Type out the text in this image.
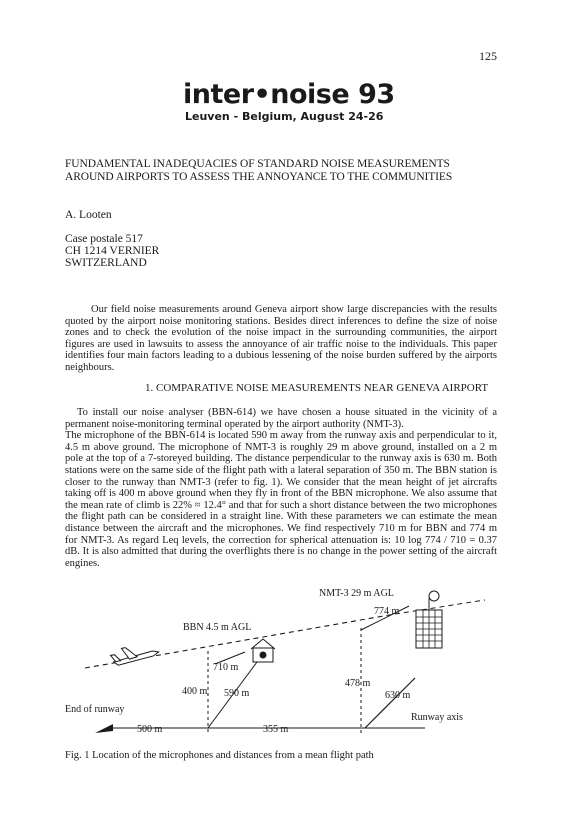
125
inter•noise 93
Leuven - Belgium, August 24-26
FUNDAMENTAL INADEQUACIES OF STANDARD NOISE MEASUREMENTS
AROUND AIRPORTS TO ASSESS THE ANNOYANCE TO THE COMMUNITIES
A. Looten
Case postale 517
CH 1214 VERNIER
SWITZERLAND
Our field noise measurements around Geneva airport show large discrepancies with the results quoted by the airport noise monitoring stations. Besides direct inferences to define the size of noise zones and to check the evolution of the noise impact in the surrounding communities, the airport figures are used in lawsuits to assess the annoyance of air traffic noise to the individuals. This paper identifies four main factors leading to a dubious lessening of the noise burden suffered by the airports neighbours.
1. COMPARATIVE NOISE MEASUREMENTS NEAR GENEVA AIRPORT

To install our noise analyser (BBN-614) we have chosen a house situated in the vicinity of a permanent noise-monitoring terminal operated by the airport authority (NMT-3).

The microphone of the BBN-614 is located 590 m away from the runway axis and perpendicular to it, 4.5 m above ground. The microphone of NMT-3 is roughly 29 m above ground, installed on a 2 m pole at the top of a 7-storeyed building. The distance perpendicular to the runway axis is 630 m. Both stations were on the same side of the flight path with a lateral separation of 350 m. The BBN station is closer to the runway than NMT-3 (refer to fig. 1). We consider that the mean height of jet aircrafts taking off is 400 m above ground when they fly in front of the BBN microphone. We also assume that the mean rate of climb is 22% ≈ 12.4° and that for such a short distance between the two microphones the flight path can be considered in a straight line. With these parameters we can estimate the mean distance between the aircraft and the microphones. We find respectively 710 m for BBN and 774 m for NMT-3. As regard Leq levels, the correction for spherical attenuation is: 10 log 774 / 710 = 0.37 dB. It is also admitted that during the overflights there is no change in the power setting of the aircraft engines.

NMT-3 29 m AGL
774 m
BBN 4.5 m AGL
710 m
400 m 590 m
478 m
630 m
End of runway
Runway axis
500 m	355 m
Fig. 1 Location of the microphones and distances from a mean flight path
